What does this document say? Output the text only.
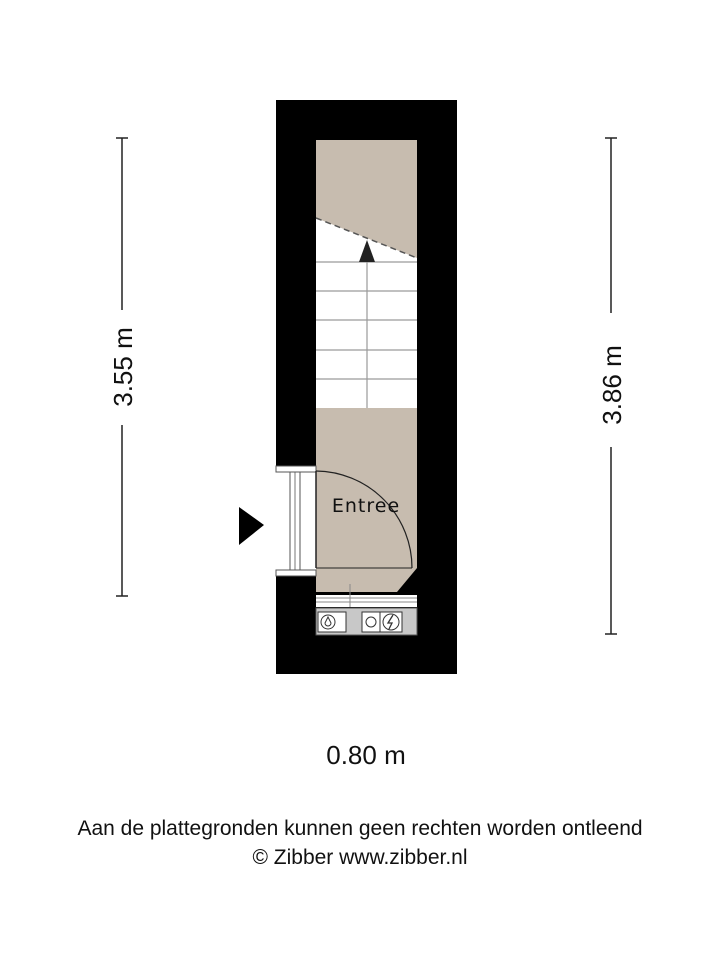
Entree
3.55 m	3.86 m
0.80 m
Aan de plattegronden kunnen geen rechten worden ontleend
© Zibber www.zibber.nl
